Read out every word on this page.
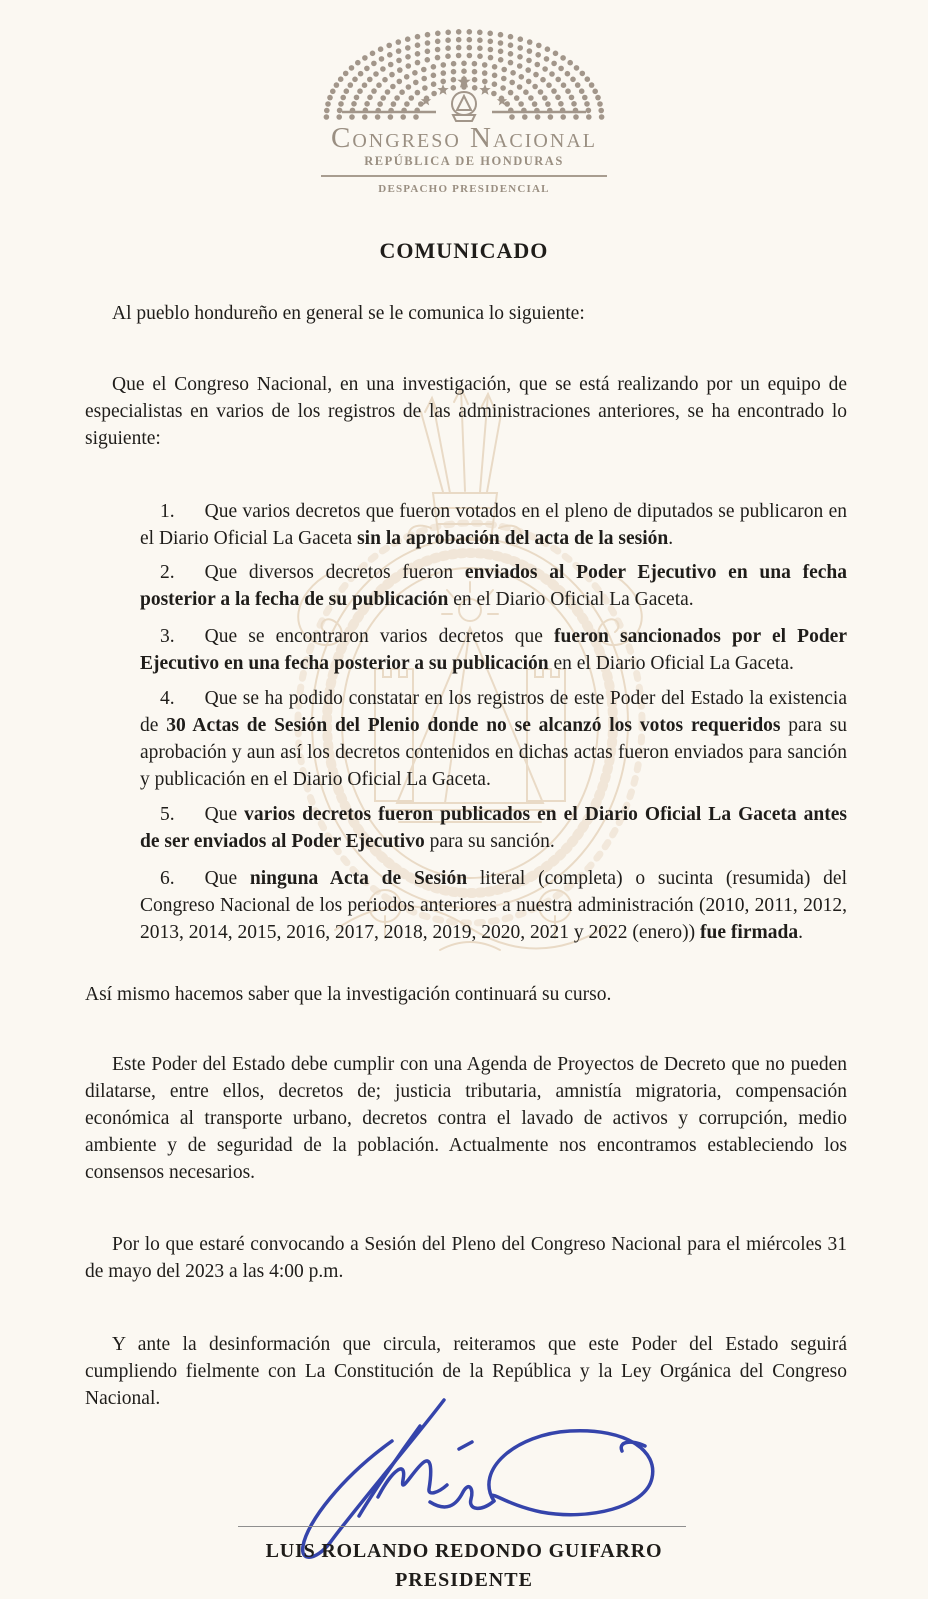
Congreso Nacional
REPÚBLICA DE HONDURAS
DESPACHO PRESIDENCIAL
COMUNICADO

Al pueblo hondureño en general se le comunica lo siguiente:

Que el Congreso Nacional, en una investigación, que se está realizando por un equipo de especialistas en varios de los registros de las administraciones anteriores, se ha encontrado lo siguiente:

1. Que varios decretos que fueron votados en el pleno de diputados se publicaron en el Diario Oficial La Gaceta sin la aprobación del acta de la sesión.
2. Que diversos decretos fueron enviados al Poder Ejecutivo en una fecha posterior a la fecha de su publicación en el Diario Oficial La Gaceta.
3. Que se encontraron varios decretos que fueron sancionados por el Poder Ejecutivo en una fecha posterior a su publicación en el Diario Oficial La Gaceta.
4. Que se ha podido constatar en los registros de este Poder del Estado la existencia de 30 Actas de Sesión del Plenio donde no se alcanzó los votos requeridos para su aprobación y aun así los decretos contenidos en dichas actas fueron enviados para sanción y publicación en el Diario Oficial La Gaceta.
5. Que varios decretos fueron publicados en el Diario Oficial La Gaceta antes de ser enviados al Poder Ejecutivo para su sanción.
6. Que ninguna Acta de Sesión literal (completa) o sucinta (resumida) del Congreso Nacional de los periodos anteriores a nuestra administración (2010, 2011, 2012, 2013, 2014, 2015, 2016, 2017, 2018, 2019, 2020, 2021 y 2022 (enero)) fue firmada.

Así mismo hacemos saber que la investigación continuará su curso.

Este Poder del Estado debe cumplir con una Agenda de Proyectos de Decreto que no pueden dilatarse, entre ellos, decretos de; justicia tributaria, amnistía migratoria, compensación económica al transporte urbano, decretos contra el lavado de activos y corrupción, medio ambiente y de seguridad de la población. Actualmente nos encontramos estableciendo los consensos necesarios.

Por lo que estaré convocando a Sesión del Pleno del Congreso Nacional para el miércoles 31 de mayo del 2023 a las 4:00 p.m.

Y ante la desinformación que circula, reiteramos que este Poder del Estado seguirá cumpliendo fielmente con La Constitución de la República y la Ley Orgánica del Congreso Nacional.

LUIS ROLANDO REDONDO GUIFARRO
PRESIDENTE
